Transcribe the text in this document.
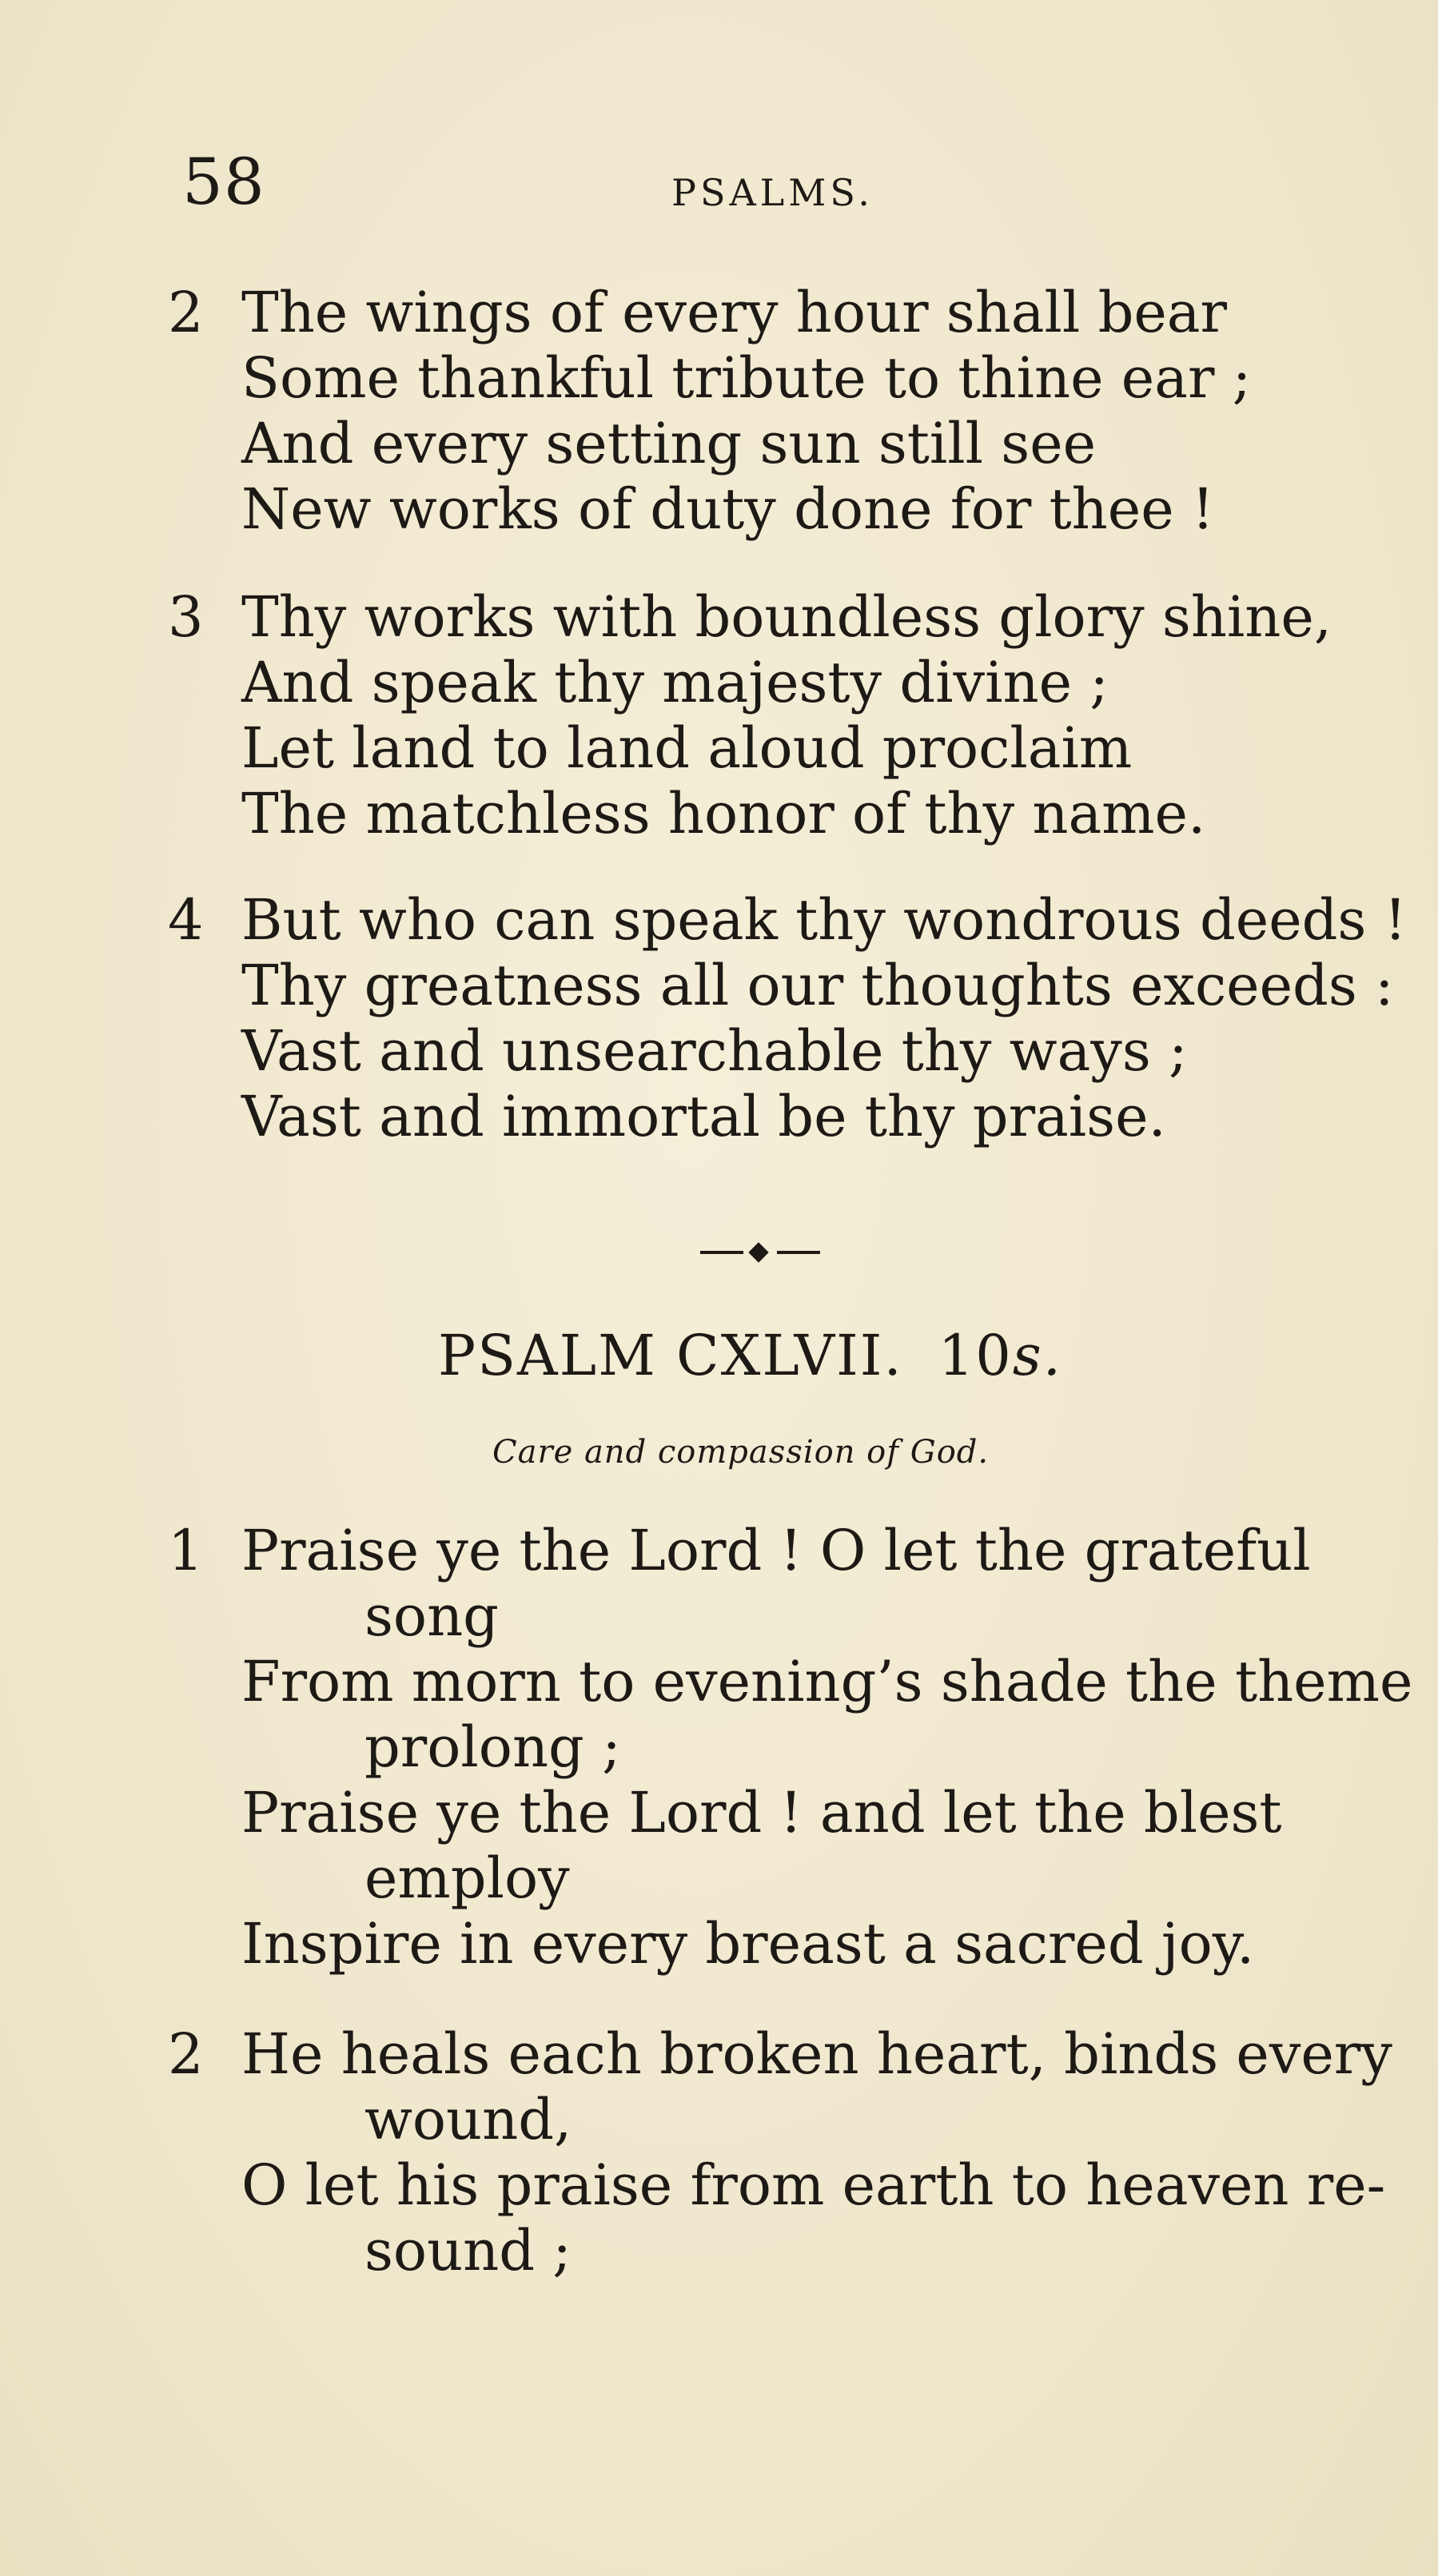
58	PSALMS.
2 The wings of every hour shall bear
Some thankful tribute to thine ear ;
And every setting sun still see
New works of duty done for thee !
3 Thy works with boundless glory shine,
And speak thy majesty divine ;
Let land to land aloud proclaim
The matchless honor of thy name.
4 But who can speak thy wondrous deeds !
Thy greatness all our thoughts exceeds :
Vast and unsearchable thy ways ;
Vast and immortal be thy praise.
PSALM CXLVII. 10s.
Care and compassion of God.
1 Praise ye the Lord ! O let the grateful
song
From morn to evening’s shade the theme
prolong ;
Praise ye the Lord ! and let the blest
employ
Inspire in every breast a sacred joy.
2 He heals each broken heart, binds every
wound,
O let his praise from earth to heaven re-
sound ;
